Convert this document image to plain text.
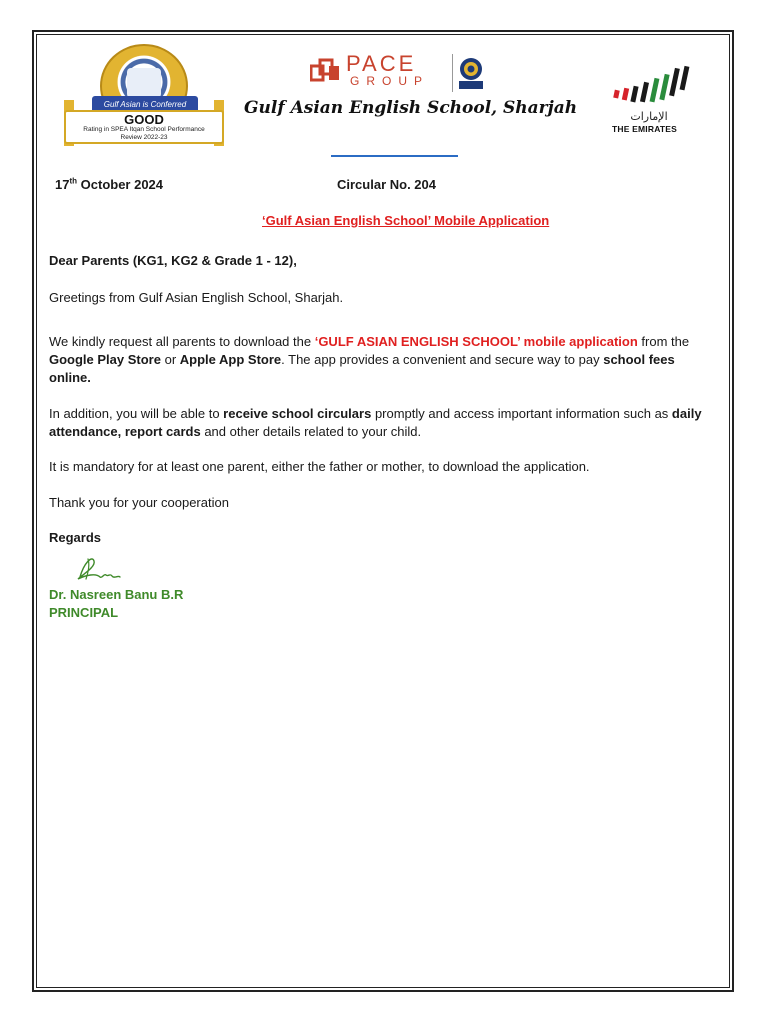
Gulf Asian is Conferred
GOOD
Rating in SPEA Itqan School Performance
Review 2022-23
PACE
GROUP
Gulf Asian English School, Sharjah	الإمارات
THE EMIRATES
17th October 2024	Circular No. 204
‘Gulf Asian English School’ Mobile Application
Dear Parents (KG1, KG2 & Grade 1 - 12),
Greetings from Gulf Asian English School, Sharjah.
We kindly request all parents to download the ‘GULF ASIAN ENGLISH SCHOOL’ mobile application from the Google Play Store or Apple App Store. The app provides a convenient and secure way to pay school fees online.
In addition, you will be able to receive school circulars promptly and access important information such as daily attendance, report cards and other details related to your child.
It is mandatory for at least one parent, either the father or mother, to download the application.
Thank you for your cooperation
Regards
Dr. Nasreen Banu B.R
PRINCIPAL
